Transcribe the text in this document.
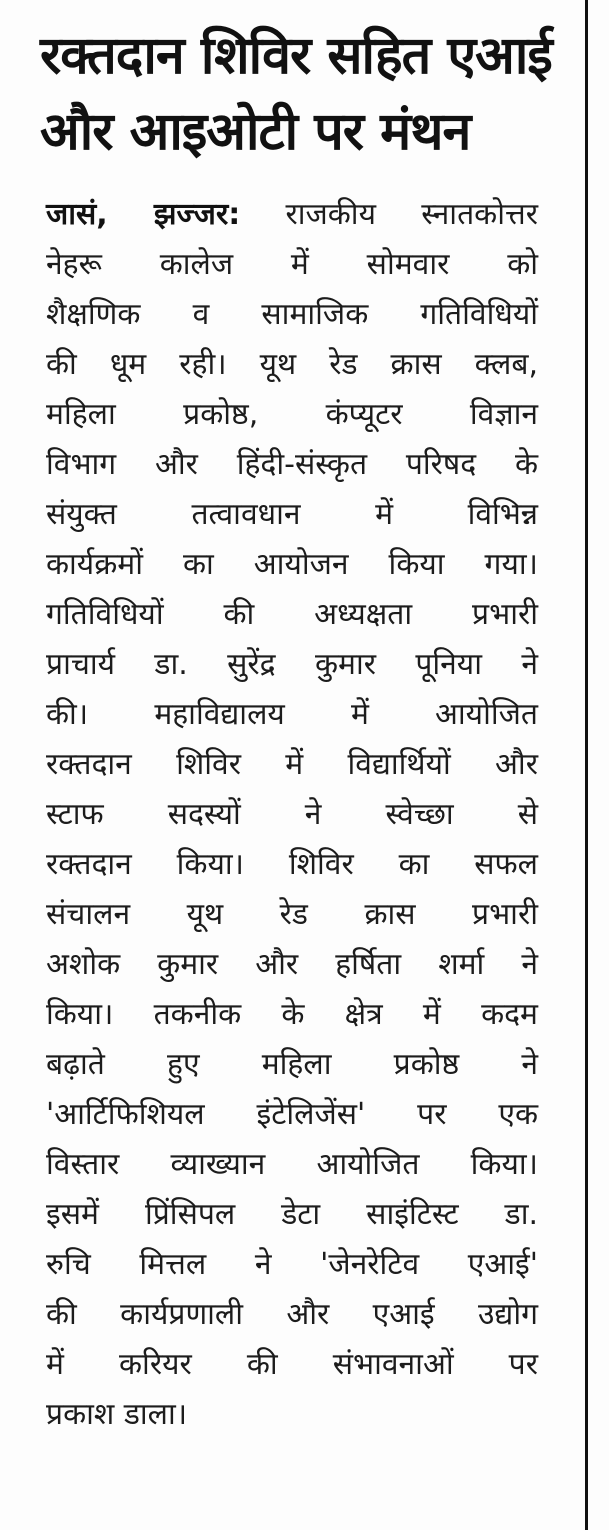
रक्तदान शिविर सहित एआई
और आइओटी पर मंथन
जासं, झज्जर: राजकीय स्नातकोत्तर
नेहरू कालेज में सोमवार को
शैक्षणिक व सामाजिक गतिविधियों
की धूम रही। यूथ रेड क्रास क्लब,
महिला प्रकोष्ठ, कंप्यूटर विज्ञान
विभाग और हिंदी-संस्कृत परिषद के
संयुक्त तत्वावधान में विभिन्न
कार्यक्रमों का आयोजन किया गया।
गतिविधियों की अध्यक्षता प्रभारी
प्राचार्य डा. सुरेंद्र कुमार पूनिया ने
की। महाविद्यालय में आयोजित
रक्तदान शिविर में विद्यार्थियों और
स्टाफ सदस्यों ने स्वेच्छा से
रक्तदान किया। शिविर का सफल
संचालन यूथ रेड क्रास प्रभारी
अशोक कुमार और हर्षिता शर्मा ने
किया। तकनीक के क्षेत्र में कदम
बढ़ाते हुए महिला प्रकोष्ठ ने
'आर्टिफिशियल इंटेलिजेंस' पर एक
विस्तार व्याख्यान आयोजित किया।
इसमें प्रिंसिपल डेटा साइंटिस्ट डा.
रुचि मित्तल ने 'जेनरेटिव एआई'
की कार्यप्रणाली और एआई उद्योग
में करियर की संभावनाओं पर
प्रकाश डाला।
